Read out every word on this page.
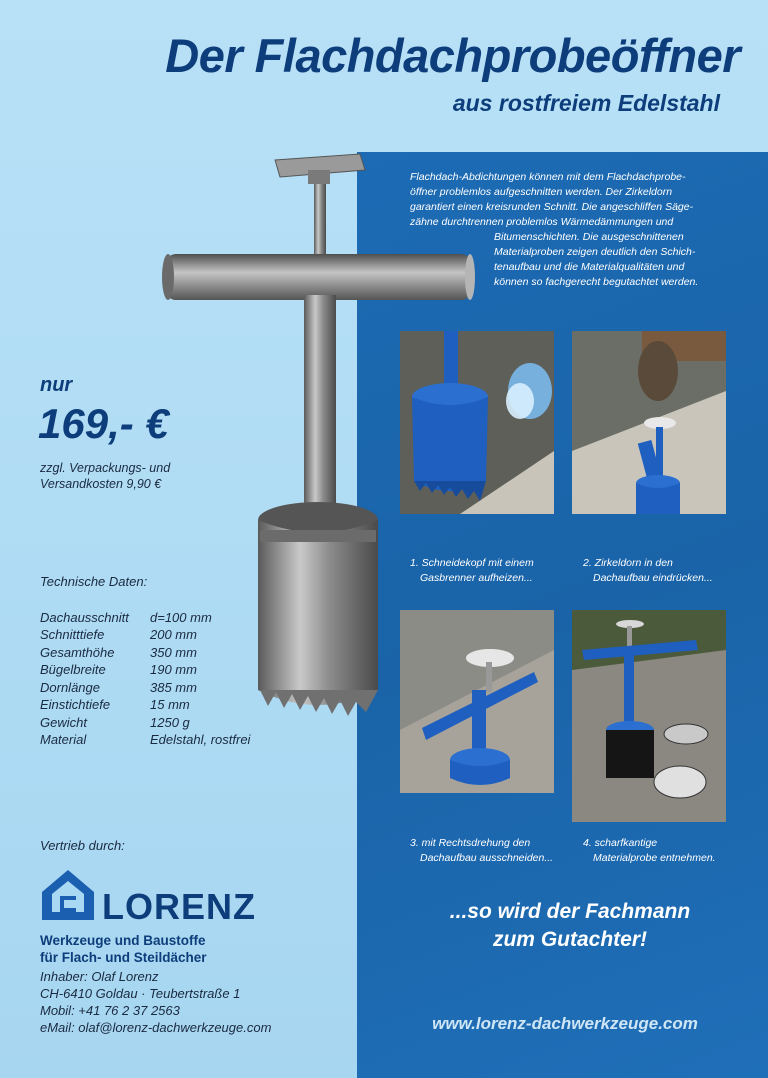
Der Flachdachprobeöffner
aus rostfreiem Edelstahl

Flachdach-Abdichtungen können mit dem Flachdachprobe-

öffner problemlos aufgeschnitten werden. Der Zirkeldorn

garantiert einen kreisrunden Schnitt. Die angeschliffen Säge-

zähne durchtrennen problemlos Wärmedämmungen und

Bitumenschichten. Die ausgeschnittenen

Materialproben zeigen deutlich den Schich-

tenaufbau und die Materialqualitäten und

können so fachgerecht begutachtet werden.

1. Schneidekopf mit einem
Gasbrenner aufheizen...
2. Zirkeldorn in den
Dachaufbau eindrücken...
3. mit Rechtsdrehung den
Dachaufbau ausschneiden...
4. scharfkantige
Materialprobe entnehmen.
...so wird der Fachmann
zum Gutachter!
www.lorenz-dachwerkzeuge.com
nur
169,- €
zzgl. Verpackungs- und
Versandkosten 9,90 €
Technische Daten:
Dachausschnitt d=100 mm
Schnitttiefe	200 mm
Gesamthöhe	350 mm
Bügelbreite	190 mm
Dornlänge	385 mm
Einstichtiefe	15 mm
Gewicht	1250 g
Material	Edelstahl, rostfrei
Vertrieb durch:
LORENZ
Werkzeuge und Baustoffe
für Flach- und Steildächer
Inhaber: Olaf Lorenz
CH-6410 Goldau · Teubertstraße 1
Mobil: +41 76 2 37 2563
eMail: olaf@lorenz-dachwerkzeuge.com
